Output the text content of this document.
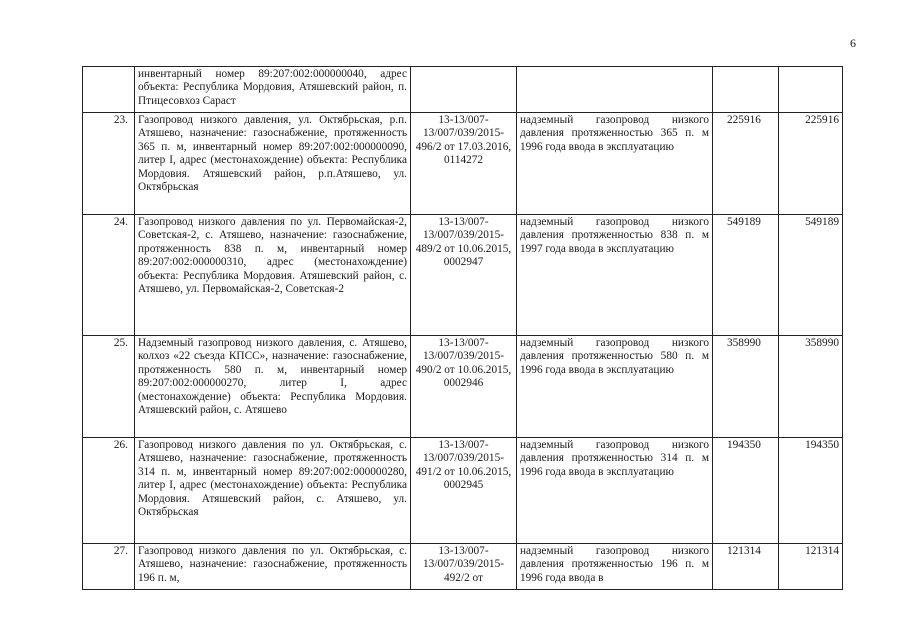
6
	инвентарный номер 89:207:002:000000040, адрес объекта: Республика Мордовия, Атяшевский район, п. Птицесовхоз Сараст				
23.	Газопровод низкого давления, ул. Октябрьская, р.п. Атяшево, назначение: газоснабжение, протяженность 365 п. м, инвентарный номер 89:207:002:000000090, литер I, адрес (местонахождение) объекта: Республика Мордовия. Атяшевский район, р.п.Атяшево, ул. Октябрьская	13-13/007-13/007/039/2015-496/2 от 17.03.2016, 0114272	надземный газопровод низкого давления протяженностью 365 п. м 1996 года ввода в эксплуатацию	225916	225916
24.	Газопровод низкого давления по ул. Первомайская-2, Советская-2, с. Атяшево, назначение: газоснабжение, протяженность 838 п. м, инвентарный номер 89:207:002:000000310, адрес (местонахождение) объекта: Республика Мордовия. Атяшевский район, с. Атяшево, ул. Первомайская-2, Советская-2	13-13/007-13/007/039/2015-489/2 от 10.06.2015, 0002947	надземный газопровод низкого давления протяженностью 838 п. м 1997 года ввода в эксплуатацию	549189	549189
25.	Надземный газопровод низкого давления, с. Атяшево, колхоз «22 съезда КПСС», назначение: газоснабжение, протяженность 580 п. м, инвентарный номер 89:207:002:000000270, литер I, адрес (местонахождение) объекта: Республика Мордовия. Атяшевский район, с. Атяшево	13-13/007-13/007/039/2015-490/2 от 10.06.2015, 0002946	надземный газопровод низкого давления протяженностью 580 п. м 1996 года ввода в эксплуатацию	358990	358990
26.	Газопровод низкого давления по ул. Октябрьская, с. Атяшево, назначение: газоснабжение, протяженность 314 п. м, инвентарный номер 89:207:002:000000280, литер I, адрес (местонахождение) объекта: Республика Мордовия. Атяшевский район, с. Атяшево, ул. Октябрьская	13-13/007-13/007/039/2015-491/2 от 10.06.2015, 0002945	надземный газопровод низкого давления протяженностью 314 п. м 1996 года ввода в эксплуатацию	194350	194350
27.	Газопровод низкого давления по ул. Октябрьская, с. Атяшево, назначение: газоснабжение, протяженность 196 п. м,	13-13/007-13/007/039/2015-492/2 от	надземный газопровод низкого давления протяженностью 196 п. м 1996 года ввода в	121314	121314
